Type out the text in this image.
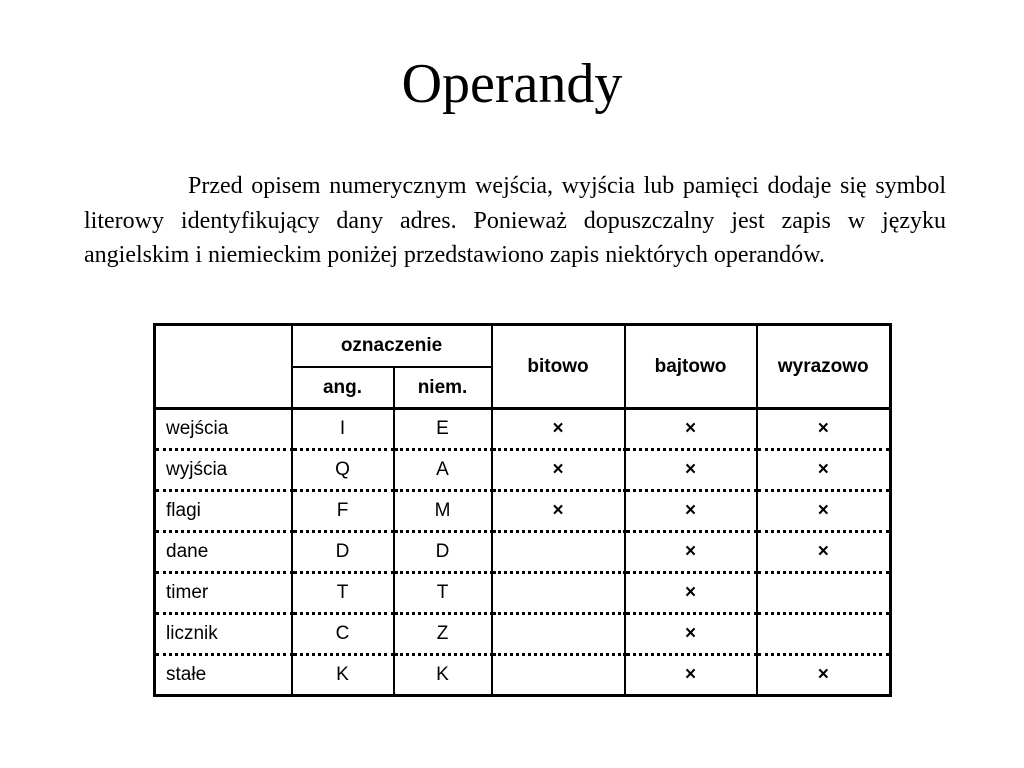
Operandy

Przed opisem numerycznym wejścia, wyjścia lub pamięci dodaje się symbol literowy identyfikujący dany adres. Ponieważ dopuszczalny jest zapis w języku angielskim i niemieckim poniżej przedstawiono zapis niektórych operandów.

	oznaczenie		bitowo	bajtowo	wyrazowo
	ang.	niem.			
wejścia	I	E	×	×	×
wyjścia	Q	A	×	×	×
flagi	F	M	×	×	×
dane	D	D		×	×
timer	T	T		×	
licznik	C	Z		×	
stałe	K	K		×	×
